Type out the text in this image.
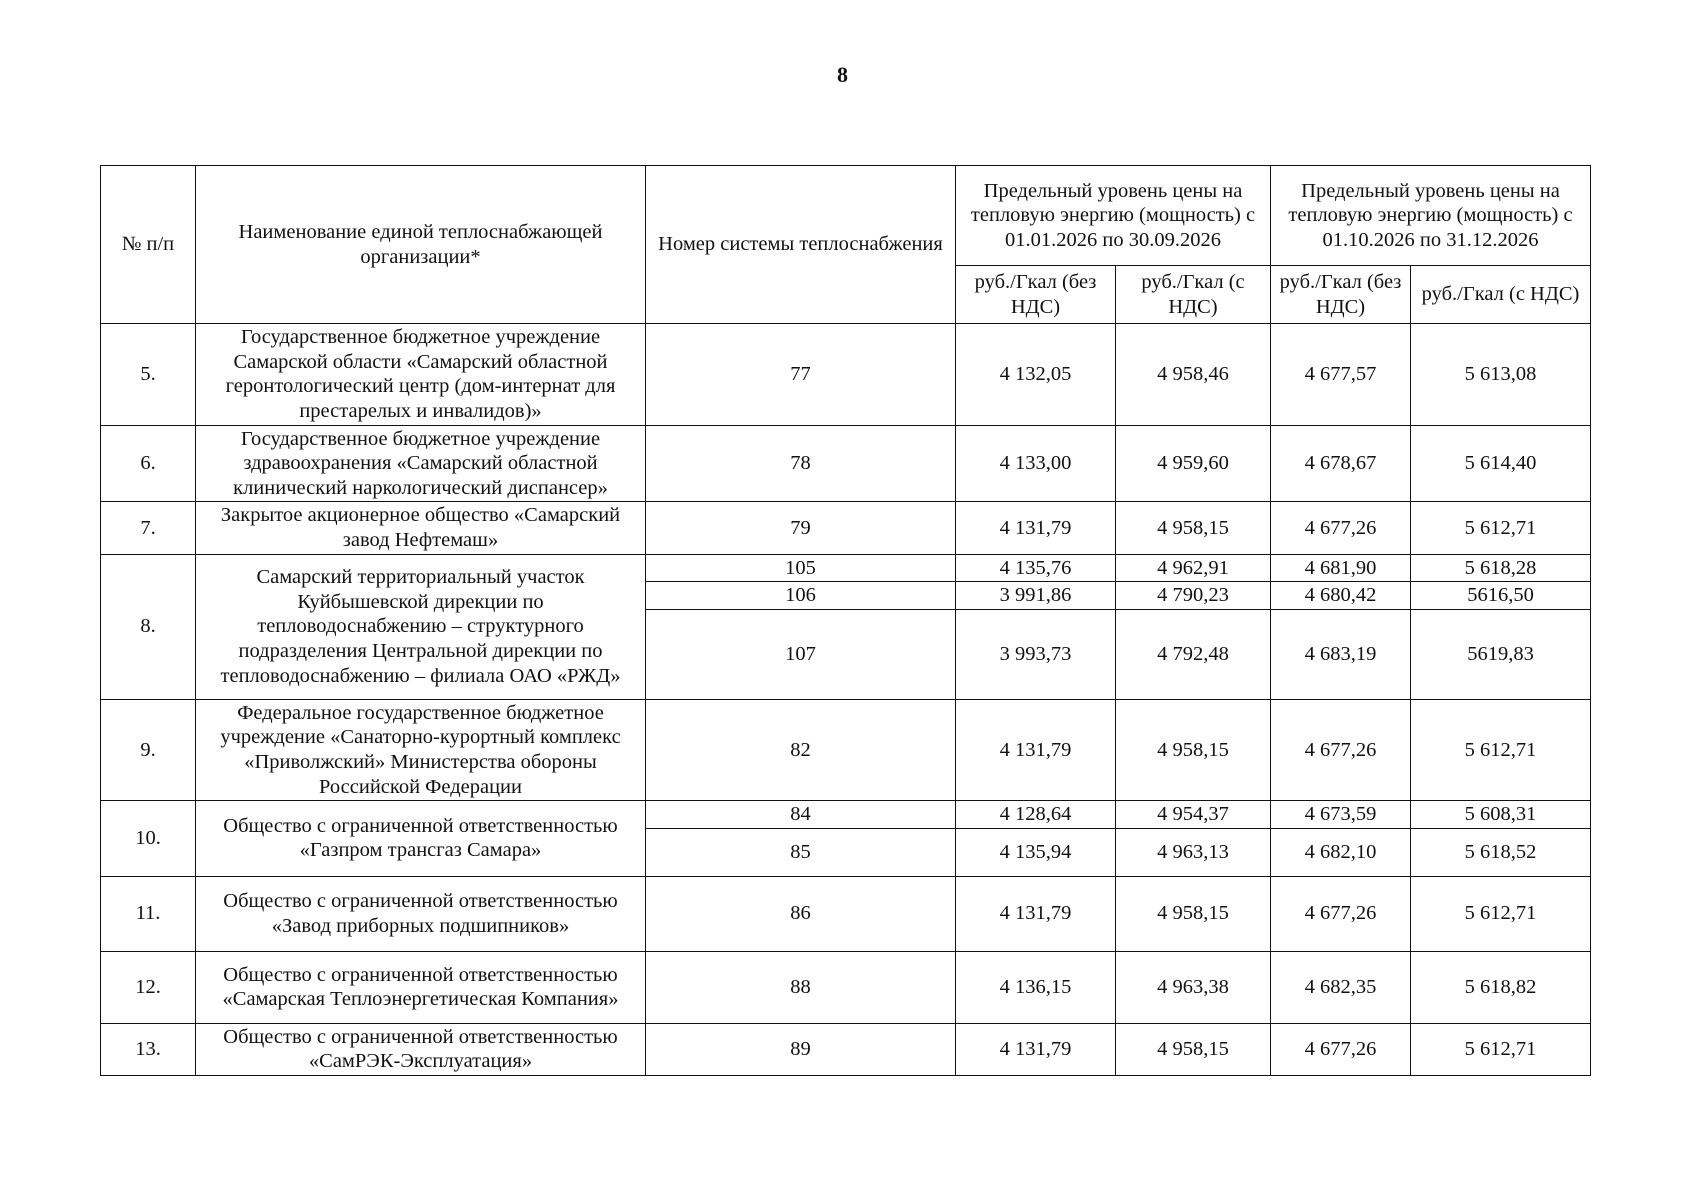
8
№ п/п	Наименование единой теплоснабжающей организации*	Номер системы теплоснабжения	Предельный уровень цены на тепловую энергию (мощность) с 01.01.2026 по 30.09.2026		Предельный уровень цены на тепловую энергию (мощность) с 01.10.2026 по 31.12.2026	
			руб./Гкал (без НДС)	руб./Гкал (с НДС)	руб./Гкал (без НДС)	руб./Гкал (с НДС)
5.	Государственное бюджетное учреждение Самарской области «Самарский областной геронтологический центр (дом-интернат для престарелых и инвалидов)»	77	4 132,05	4 958,46	4 677,57	5 613,08
6.	Государственное бюджетное учреждение здравоохранения «Самарский областной клинический наркологический диспансер»	78	4 133,00	4 959,60	4 678,67	5 614,40
7.	Закрытое акционерное общество «Самарский завод Нефтемаш»	79	4 131,79	4 958,15	4 677,26	5 612,71
8.	Самарский территориальный участок Куйбышевской дирекции по тепловодоснабжению – структурного подразделения Центральной дирекции по тепловодоснабжению – филиала ОАО «РЖД»	105	4 135,76	4 962,91	4 681,90	5 618,28
		106	3 991,86	4 790,23	4 680,42	5616,50
		107	3 993,73	4 792,48	4 683,19	5619,83
9.	Федеральное государственное бюджетное учреждение «Санаторно-курортный комплекс «Приволжский» Министерства обороны Российской Федерации	82	4 131,79	4 958,15	4 677,26	5 612,71
10.	Общество с ограниченной ответственностью «Газпром трансгаз Самара»	84	4 128,64	4 954,37	4 673,59	5 608,31
		85	4 135,94	4 963,13	4 682,10	5 618,52
11.	Общество с ограниченной ответственностью «Завод приборных подшипников»	86	4 131,79	4 958,15	4 677,26	5 612,71
12.	Общество с ограниченной ответственностью «Самарская Теплоэнергетическая Компания»	88	4 136,15	4 963,38	4 682,35	5 618,82
13.	Общество с ограниченной ответственностью «СамРЭК-Эксплуатация»	89	4 131,79	4 958,15	4 677,26	5 612,71
